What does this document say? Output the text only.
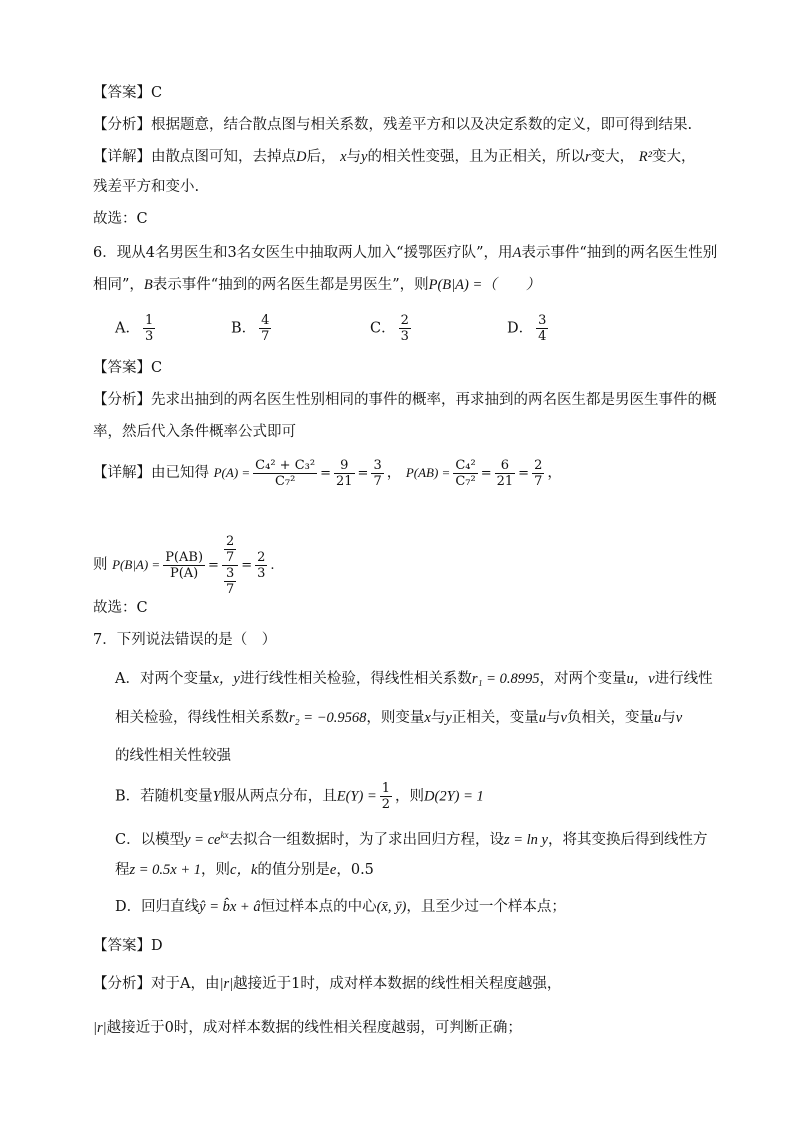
【答案】C
【分析】根据题意，结合散点图与相关系数，残差平方和以及决定系数的定义，即可得到结果.
【详解】由散点图可知，去掉点D后， x与y的相关性变强，且为正相关，所以r变大， R²变大，
残差平方和变小.
故选：C
6．现从4名男医生和3名女医生中抽取两人加入“援鄂医疗队”，用A表示事件“抽到的两名医生性别
相同”，B表示事件“抽到的两名医生都是男医生”，则P(B|A) =（　　）
A． $\frac{1}{3}$	B． $\frac{4}{7}$	C． $\frac{2}{3}$	D． $\frac{3}{4}$
【答案】C
【分析】先求出抽到的两名医生性别相同的事件的概率，再求抽到的两名医生都是男医生事件的概
率，然后代入条件概率公式即可
【详解】由已知得 $P(A) = \frac{\text{C₄² + C₃²}}{\text{C₇²}} = \frac{9}{21} = \frac{3}{7}$ ， $P(AB) = \frac{\text{C₄²}}{\text{C₇²}} = \frac{6}{21} = \frac{2}{7}$ ，
则 $P(B|A) = \frac{P(AB)}{P(A)} = \frac{\frac{2}{7}}{\frac{3}{7}} = \frac{2}{3}$ .
故选：C
7．下列说法错误的是（　）
A．对两个变量x，y进行线性相关检验，得线性相关系数r₁ = 0.8995，对两个变量u，v进行线性
相关检验，得线性相关系数r₂ = −0.9568，则变量x与y正相关，变量u与v负相关，变量u与v
的线性相关性较强
B．若随机变量Y服从两点分布，且$E(Y) = \frac{1}{2}$ ，则D(2Y) = 1
C．以模型$y = ce^{kx}$去拟合一组数据时，为了求出回归方程，设z = ln y，将其变换后得到线性方
程z = 0.5x + 1，则c，k的值分别是e，0.5
D．回归直线ŷ = b̂x + â恒过样本点的中心(x̄, ȳ)，且至少过一个样本点；
【答案】D
【分析】对于A，由|r|越接近于1时，成对样本数据的线性相关程度越强，
|r|越接近于0时，成对样本数据的线性相关程度越弱，可判断正确；
